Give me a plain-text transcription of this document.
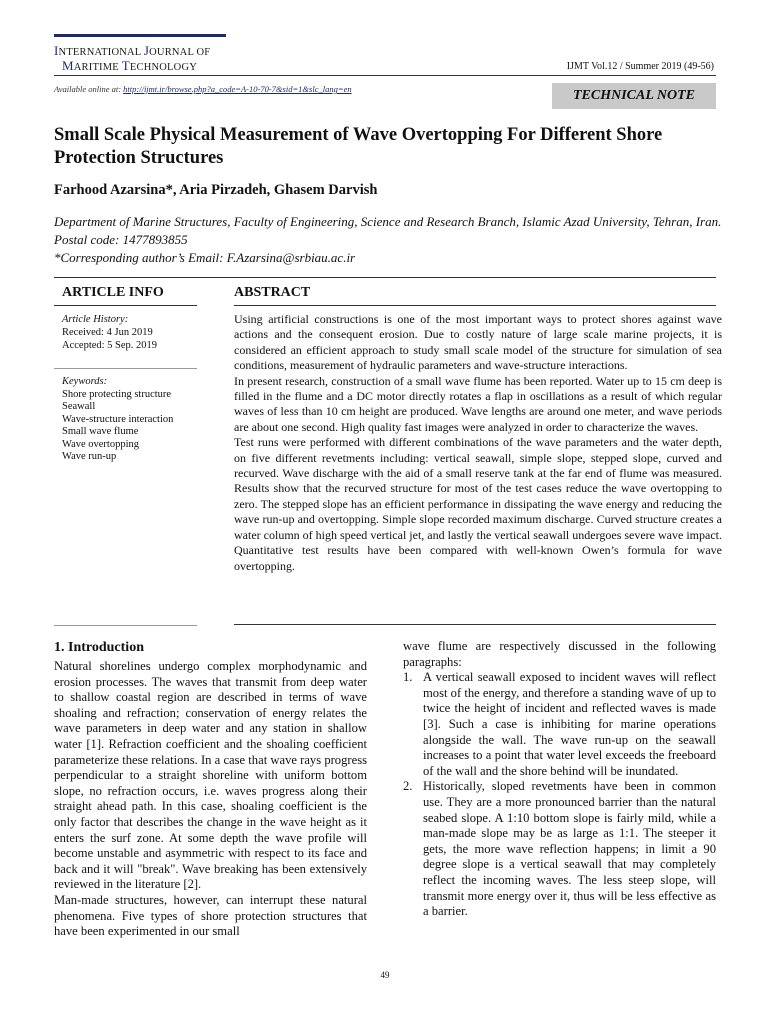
INTERNATIONAL JOURNAL OF
MARITIME TECHNOLOGY	IJMT Vol.12 / Summer 2019 (49-56)
Available online at: http://ijmt.ir/browse.php?a_code=A-10-70-7&sid=1&slc_lang=en	TECHNICAL NOTE
Small Scale Physical Measurement of Wave Overtopping For Different Shore Protection Structures
Farhood Azarsina*, Aria Pirzadeh, Ghasem Darvish
Department of Marine Structures, Faculty of Engineering, Science and Research Branch, Islamic Azad University, Tehran, Iran. Postal code: 1477893855
*Corresponding author’s Email: F.Azarsina@srbiau.ac.ir
ARTICLE INFO	ABSTRACT
Article History:
Received: 4 Jun 2019
Accepted: 5 Sep. 2019
Keywords:
Shore protecting structure
Seawall
Wave-structure interaction
Small wave flume
Wave overtopping
Wave run-up

Using artificial constructions is one of the most important ways to protect shores against wave actions and the consequent erosion. Due to costly nature of large scale marine projects, it is considered an efficient approach to study small scale model of the structure for simulation of sea conditions, measurement of hydraulic parameters and wave-structure interactions.

In present research, construction of a small wave flume has been reported. Water up to 15 cm deep is filled in the flume and a DC motor directly rotates a flap in oscillations as a result of which regular waves of less than 10 cm height are produced. Wave lengths are around one meter, and wave periods are about one second. High quality fast images were analyzed in order to characterize the waves.

Test runs were performed with different combinations of the wave parameters and the water depth, on five different revetments including: vertical seawall, simple slope, stepped slope, curved and recurved. Wave discharge with the aid of a small reserve tank at the far end of flume was measured. Results show that the recurved structure for most of the test cases reduce the wave overtopping to zero. The stepped slope has an efficient performance in dissipating the wave energy and reducing the wave run-up and overtopping. Simple slope recorded maximum discharge. Curved structure creates a water column of high speed vertical jet, and lastly the vertical seawall undergoes severe wave impact. Quantitative test results have been compared with well-known Owen’s formula for wave overtopping.

1. Introduction

Natural shorelines undergo complex morphodynamic and erosion processes. The waves that transmit from deep water to shallow coastal region are described in terms of wave shoaling and refraction; conservation of energy relates the wave parameters in deep water and any station in shallow water [1]. Refraction coefficient and the shoaling coefficient parameterize these relations. In a case that wave rays progress perpendicular to a straight shoreline with uniform bottom slope, no refraction occurs, i.e. waves progress along their straight ahead path. In this case, shoaling coefficient is the only factor that describes the change in the wave height as it enters the surf zone. At some depth the wave profile will become unstable and asymmetric with respect to its face and back and it will "break". Wave breaking has been extensively reviewed in the literature [2].

Man-made structures, however, can interrupt these natural phenomena. Five types of shore protection structures that have been experimented in our small

wave flume are respectively discussed in the following paragraphs:

1. A vertical seawall exposed to incident waves will reflect most of the energy, and therefore a standing wave of up to twice the height of incident and reflected waves is made [3]. Such a case is inhibiting for marine operations alongside the wall. The wave run-up on the seawall increases to a point that water level exceeds the freeboard of the wall and the shore behind will be inundated.
2. Historically, sloped revetments have been in common use. They are a more pronounced barrier than the natural seabed slope. A 1:10 bottom slope is fairly mild, while a man-made slope may be as large as 1:1. The steeper it gets, the more wave reflection happens; in limit a 90 degree slope is a vertical seawall that may completely reflect the incoming waves. The less steep slope, will transmit more energy over it, thus will be less effective as a barrier.
49
